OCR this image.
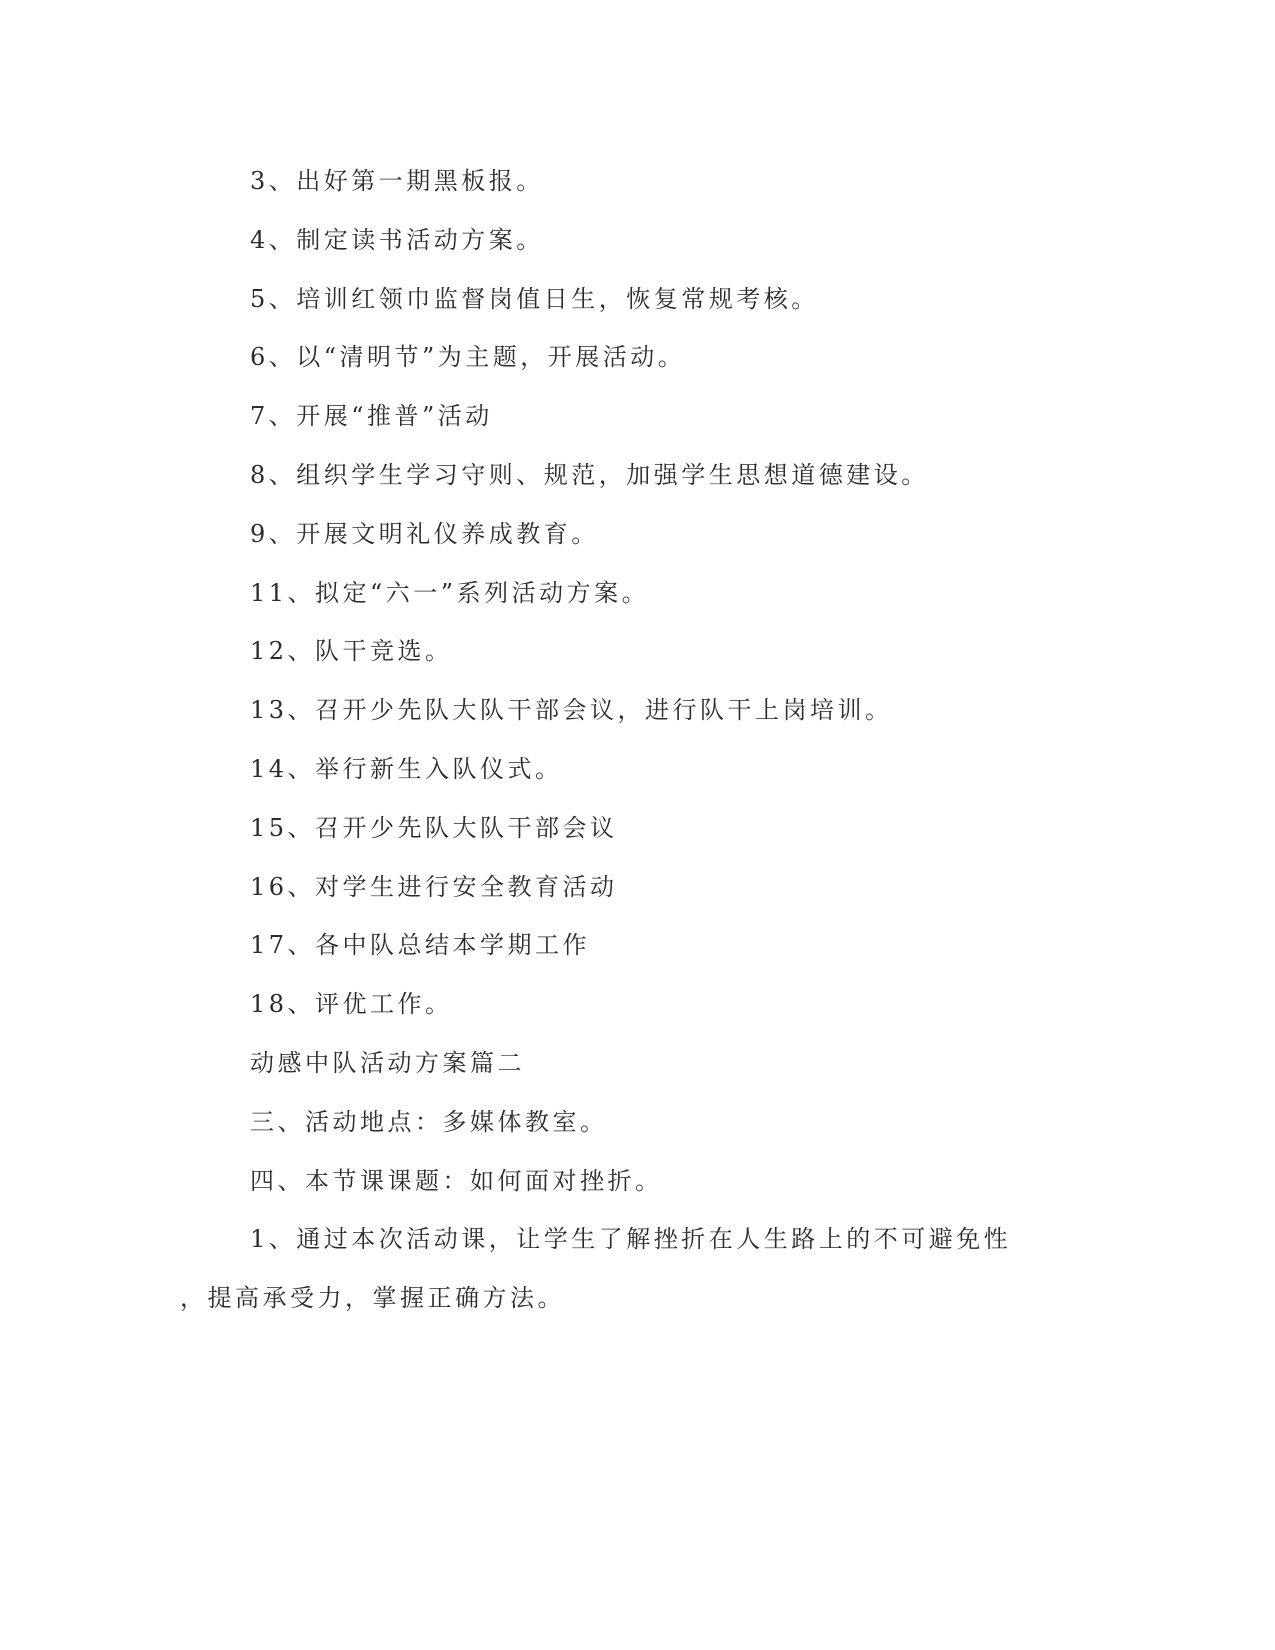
3、出好第一期黑板报。
4、制定读书活动方案。
5、培训红领巾监督岗值日生，恢复常规考核。
6、以“清明节”为主题，开展活动。
7、开展“推普”活动
8、组织学生学习守则、规范，加强学生思想道德建设。
9、开展文明礼仪养成教育。
11、拟定“六一”系列活动方案。
12、队干竞选。
13、召开少先队大队干部会议，进行队干上岗培训。
14、举行新生入队仪式。
15、召开少先队大队干部会议
16、对学生进行安全教育活动
17、各中队总结本学期工作
18、评优工作。
动感中队活动方案篇二
三、活动地点：多媒体教室。
四、本节课课题：如何面对挫折。
1、通过本次活动课，让学生了解挫折在人生路上的不可避免性
，提高承受力，掌握正确方法。
